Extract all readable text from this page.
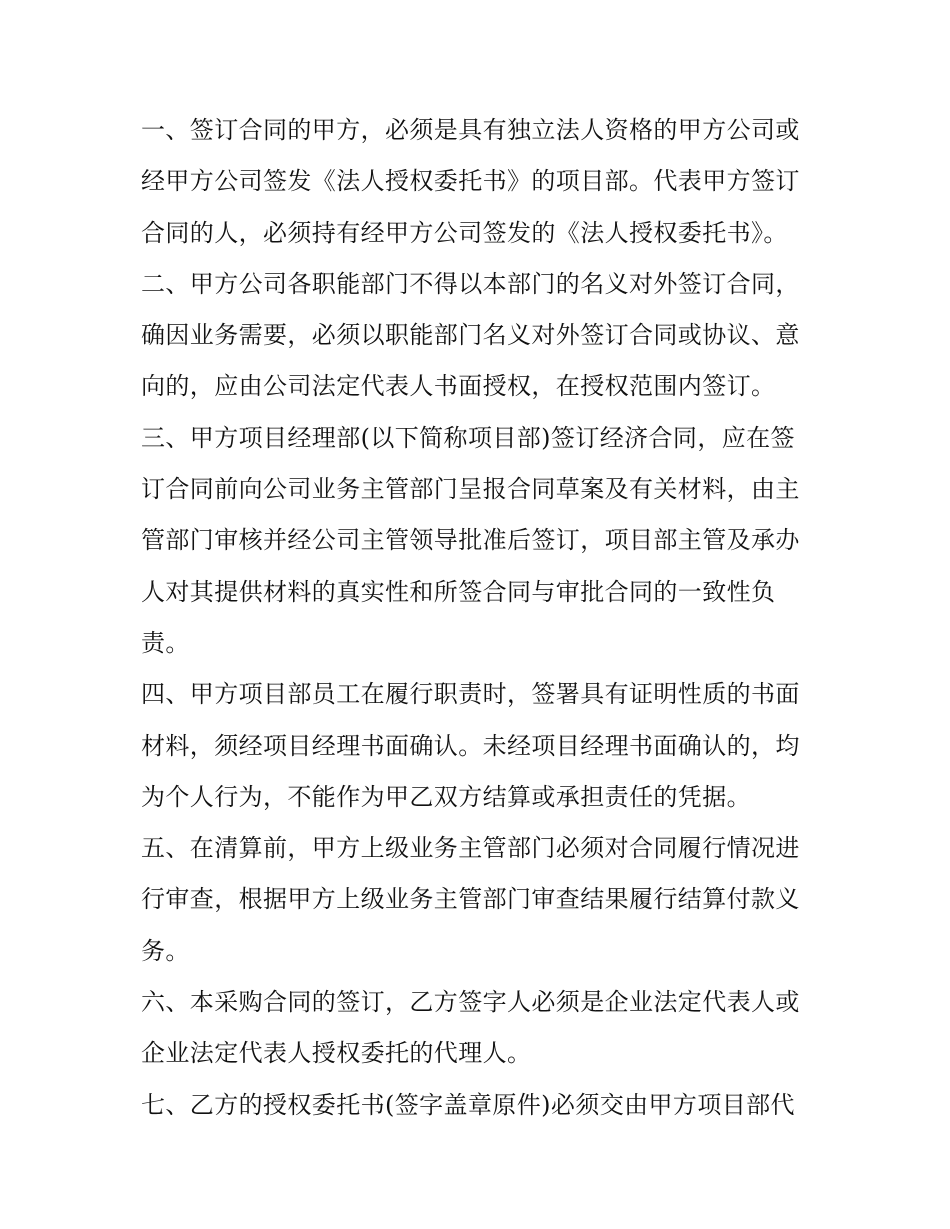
一、签订合同的甲方，必须是具有独立法人资格的甲方公司或
经甲方公司签发《法人授权委托书》的项目部。代表甲方签订
合同的人，必须持有经甲方公司签发的《法人授权委托书》。
二、甲方公司各职能部门不得以本部门的名义对外签订合同，
确因业务需要，必须以职能部门名义对外签订合同或协议、意
向的，应由公司法定代表人书面授权，在授权范围内签订。
三、甲方项目经理部(以下简称项目部)签订经济合同，应在签
订合同前向公司业务主管部门呈报合同草案及有关材料，由主
管部门审核并经公司主管领导批准后签订，项目部主管及承办
人对其提供材料的真实性和所签合同与审批合同的一致性负
责。
四、甲方项目部员工在履行职责时，签署具有证明性质的书面
材料，须经项目经理书面确认。未经项目经理书面确认的，均
为个人行为，不能作为甲乙双方结算或承担责任的凭据。
五、在清算前，甲方上级业务主管部门必须对合同履行情况进
行审查，根据甲方上级业务主管部门审查结果履行结算付款义
务。
六、本采购合同的签订，乙方签字人必须是企业法定代表人或
企业法定代表人授权委托的代理人。
七、乙方的授权委托书(签字盖章原件)必须交由甲方项目部代
